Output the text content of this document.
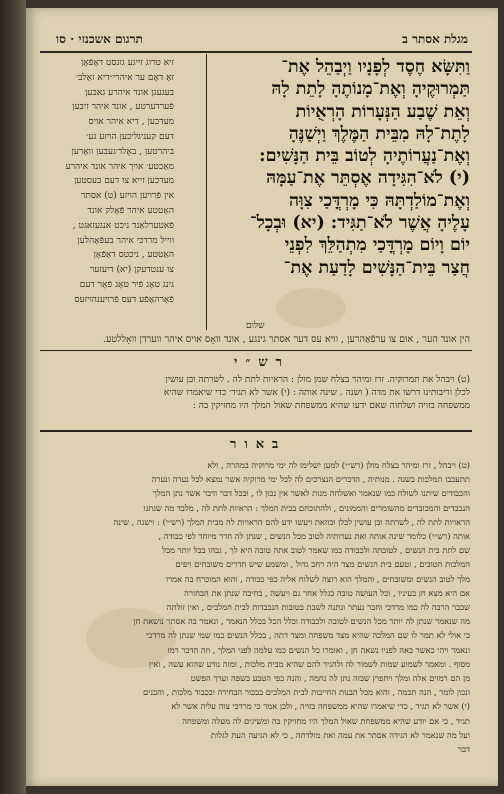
מגלת אסתר ב
תרגום אשכנזי · סו
וַתִּשָּׂא חֶסֶד לְפָנָיו וַיְבַהֵל אֶת־
תַּמְרוּקֶיהָ וְאֶת־מָנוֹתֶהָ לָתֵת לָהּ
וְאֵת שֶׁבַע הַנְּעָרוֹת הָרְאֻיוֹת
לָתֶת־לָהּ מִבֵּית הַמֶּלֶךְ וַיְשַׁנֶּהָ
וְאֶת־נַעֲרוֹתֶיהָ לְטוֹב בֵּית הַנָּשִׁים:
(י) לֹא־הִגִּידָה אֶסְתֵּר אֶת־עַמָּהּ
וְאֶת־מוֹלַדְתָּהּ כִּי מָרְדֳּכַי צִוָּה
עָלֶיהָ אֲשֶׁר לֹא־תַגִּיד: (יא) וּבְכָל־
יוֹם וָיוֹם מָרְדֳּכַי מִתְהַלֵּךְ לִפְנֵי
חֲצַר בֵּית־הַנָּשִׁים לָדַעַת אֶת־
זיא טרוג זייגע גונסט דאָפֿאָן
זאַ דאָם ער איהרי״דיא זאַלב׳
בעגעגן אונד איהרע גאבען
פֿערדערטע , אונד איהר זיבען
מעדכען , דיא איהר אויס
דעם קעניגליכען הויזע גע׳
ביהרטען , באֶלד׳געבען וואָרען
מאַכטע׳ אויך איהר אונד איהרע
מעדכען זייא צו דעם בעסטען
אין פֿרויען הויזע (ט) אסתר
האָטטע איהר פֿאָלק אונד
פֿאטערלאַנד ניכט אנגעזאגט ,
ווייל מרדכי איהר בעפֿאָהלען
האַטטע , ניכטס דאַפֿאָן
צו ענטדעקן (יא) דיעזער
גינג טאָג פֿיר טאָג פֿאָר דעם
פֿאָרהאָפֿע דעס פֿרויענהויזעס
שלום
הין אונד הער , אום צו ערפֿאַהרען , וויא עס דער אסתר גינגע , אונד וואָס אויס איהר ווערדן וואָללטע.
רש״י
(ט) ויבהל את תמרוקיה. זרז ומיהר בצלח שמן מולן : הראיות לתת לה . לשרתה ובן עושין
לכלן וריבותינו דרשו את מדה ( ושנה . שינה אותה : (י) אשר לא תגיד׳ כדי שיאמרו שהיא
ממשפחה בזויה ושלחוה שאם ידעו שהיא ממשפחת שאול המלך היו מחזיקין בה :
באור
(ט) ויבהל , זרז ומיהר בצלח מולן (רש״י) למען ישלימו לה ימי מרוקיה במהרה , ולא
תתעכבו המלכות בשנה . מנותיה , הדברים הנצרכים לה לכל ימי מרוקיה אשר נמצא לכל נערה ונערה
והכבודים שיתנו לשולח כמו שנאמר ואשלחה מנות לאשר אין נכון לו , ובכל דבר ודבר אשר נתן המלך
הנכבדים והמכובדים מהשומרים והממונים , ולהתוכחם בבית המלך : הראיות לתת לה , מלבד מה שנתנו
הראויות לתת לה , לשרתה ובן עושין לכלן ובוזאת ויעשו ידע להם הראויות לה מבית המלך (רש״י) : וישנה , שינה
אותה (רש״י) כלומר שינה אותה ואת נערותיה לטוב מכל הנשים , שנתן לה חדר מיוחד לפי כבודה ,
שם לתת בית הנשים , לטובתה ולכבודה כמו שאמר לטוב אתה טובה היא לך , גבהו בכל יותר מכל
המלכות הטובים , וטעם בית הנשים מצד היה רחב גדול , ומשמע שיש חדרים משובחים ויפים
מלך לטוב הנשים ומשובחים , והמלך הוא רוצה לשלוח אליה כפי כבודה , והוא המוכרח בה אמרו
אם היא מצא חן בעיניו , וכל העושה טובה בגלל אחר גם ויעשה , בחיבה שנתן את הבחורה
שכבר הרבה לה כמו מרדכי וחבר נעתר ונתנה לשבת בטובות הנכבדות לבית המלכים , ואין זולתה
מה שנאמר שנתן לה יותר מכל הנשים לטובה ולכבודה וכלל הכל בכלל הנאמר , ונאמר בה אסתר נושאת חן
כי אולי לא תמר לו שם המלכה שהיא מצד משפחה ומצד דתה , בכלל הנשים כמו שמי שנתן לה מרדכי
ונאמר ויהי כאשר באה לפניו נשאה חן , ואומרו כל הנשים כמו עלמה לפני המלך , וזה הדבר רמז
מסוף . ומאמר לשמוע שמות לשמור לה ולהגיד להם שהיא מבית מלכות , ומזה נודע שהוא עשה , ואין
מן הם רמזים אלה ומלך ויחפוץ שבזה נתן לה נחמה , והנה כפי הטבע בשפה וערך הפשט
ונכון לומר , הנה תכמה , והוא מכל הבנות החייבות לבית המלכים בבכור הבחירה ובכבוד מלכות , והבנים
(י) אשר לא תגיד , כדי שיאמרו שהיא ממשפחה בזויה , ולכן אמר כי מרדכי צוה עליה אשר לא
תגיד , כי אם יודע שהיא ממשפחת שאול המלך היו מחזיקין בה ומשיגים לה מעלה ומשפחה
ועל מה שנאמר לא הגידה אסתר את עמה ואת מולדתה , כי לא הגיעה העת לגלות
דבר
